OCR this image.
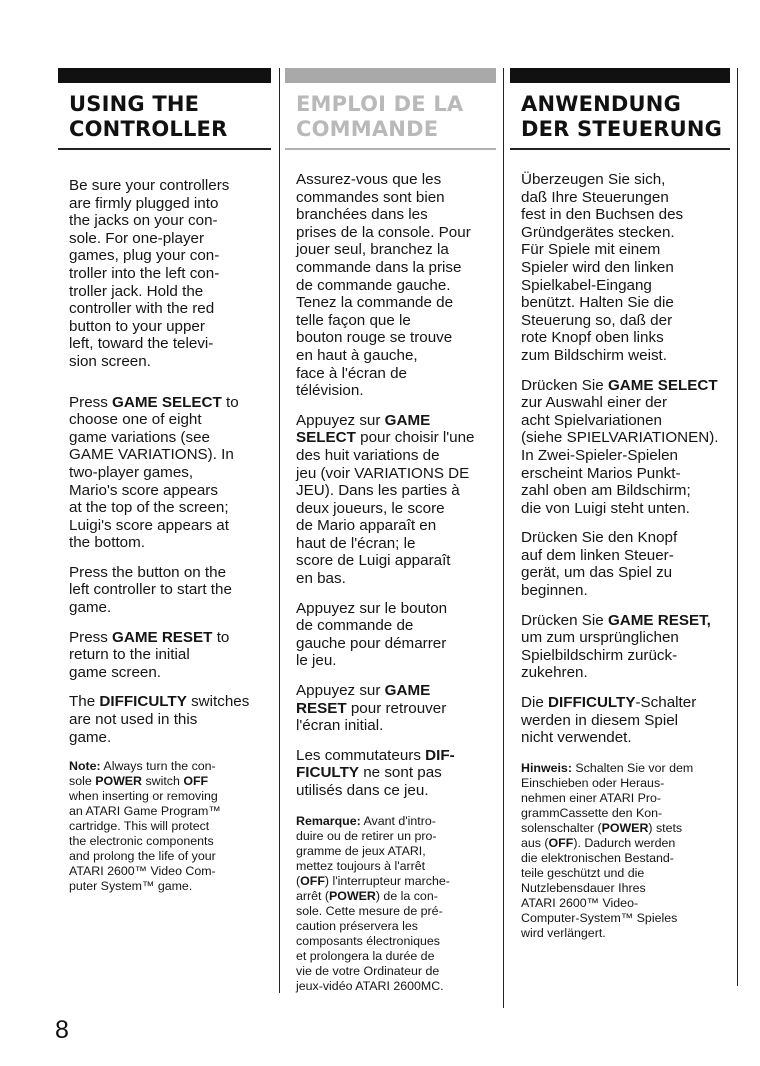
USING THE
CONTROLLER
Be sure your controllers
are firmly plugged into
the jacks on your con-
sole. For one-player
games, plug your con-
troller into the left con-
troller jack. Hold the
controller with the red
button to your upper
left, toward the televi-
sion screen.
Press GAME SELECT to
choose one of eight
game variations (see
GAME VARIATIONS). In
two-player games,
Mario's score appears
at the top of the screen;
Luigi's score appears at
the bottom.
Press the button on the
left controller to start the
game.
Press GAME RESET to
return to the initial
game screen.
The DIFFICULTY switches
are not used in this
game.
Note: Always turn the con-
sole POWER switch OFF
when inserting or removing
an ATARI Game Program™
cartridge. This will protect
the electronic components
and prolong the life of your
ATARI 2600™ Video Com-
puter System™ game.
EMPLOI DE LA
COMMANDE
Assurez-vous que les
commandes sont bien
branchées dans les
prises de la console. Pour
jouer seul, branchez la
commande dans la prise
de commande gauche.
Tenez la commande de
telle façon que le
bouton rouge se trouve
en haut à gauche,
face à l'écran de
télévision.
Appuyez sur GAME
SELECT pour choisir l'une
des huit variations de
jeu (voir VARIATIONS DE
JEU). Dans les parties à
deux joueurs, le score
de Mario apparaît en
haut de l'écran; le
score de Luigi apparaît
en bas.
Appuyez sur le bouton
de commande de
gauche pour démarrer
le jeu.
Appuyez sur GAME
RESET pour retrouver
l'écran initial.
Les commutateurs DIF-
FICULTY ne sont pas
utilisés dans ce jeu.
Remarque: Avant d'intro-
duire ou de retirer un pro-
gramme de jeux ATARI,
mettez toujours à l'arrêt
(OFF) l'interrupteur marche-
arrêt (POWER) de la con-
sole. Cette mesure de pré-
caution préservera les
composants électroniques
et prolongera la durée de
vie de votre Ordinateur de
jeux-vidéo ATARI 2600MC.
ANWENDUNG
DER STEUERUNG
Überzeugen Sie sich,
daß Ihre Steuerungen
fest in den Buchsen des
Gründgerätes stecken.
Für Spiele mit einem
Spieler wird den linken
Spielkabel-Eingang
benützt. Halten Sie die
Steuerung so, daß der
rote Knopf oben links
zum Bildschirm weist.
Drücken Sie GAME SELECT
zur Auswahl einer der
acht Spielvariationen
(siehe SPIELVARIATIONEN).
In Zwei-Spieler-Spielen
erscheint Marios Punkt-
zahl oben am Bildschirm;
die von Luigi steht unten.
Drücken Sie den Knopf
auf dem linken Steuer-
gerät, um das Spiel zu
beginnen.
Drücken Sie GAME RESET,
um zum ursprünglichen
Spielbildschirm zurück-
zukehren.
Die DIFFICULTY-Schalter
werden in diesem Spiel
nicht verwendet.
Hinweis: Schalten Sie vor dem
Einschieben oder Heraus-
nehmen einer ATARI Pro-
grammCassette den Kon-
solenschalter (POWER) stets
aus (OFF). Dadurch werden
die elektronischen Bestand-
teile geschützt und die
Nutzlebensdauer Ihres
ATARI 2600™ Video-
Computer-System™ Spieles
wird verlängert.
8
